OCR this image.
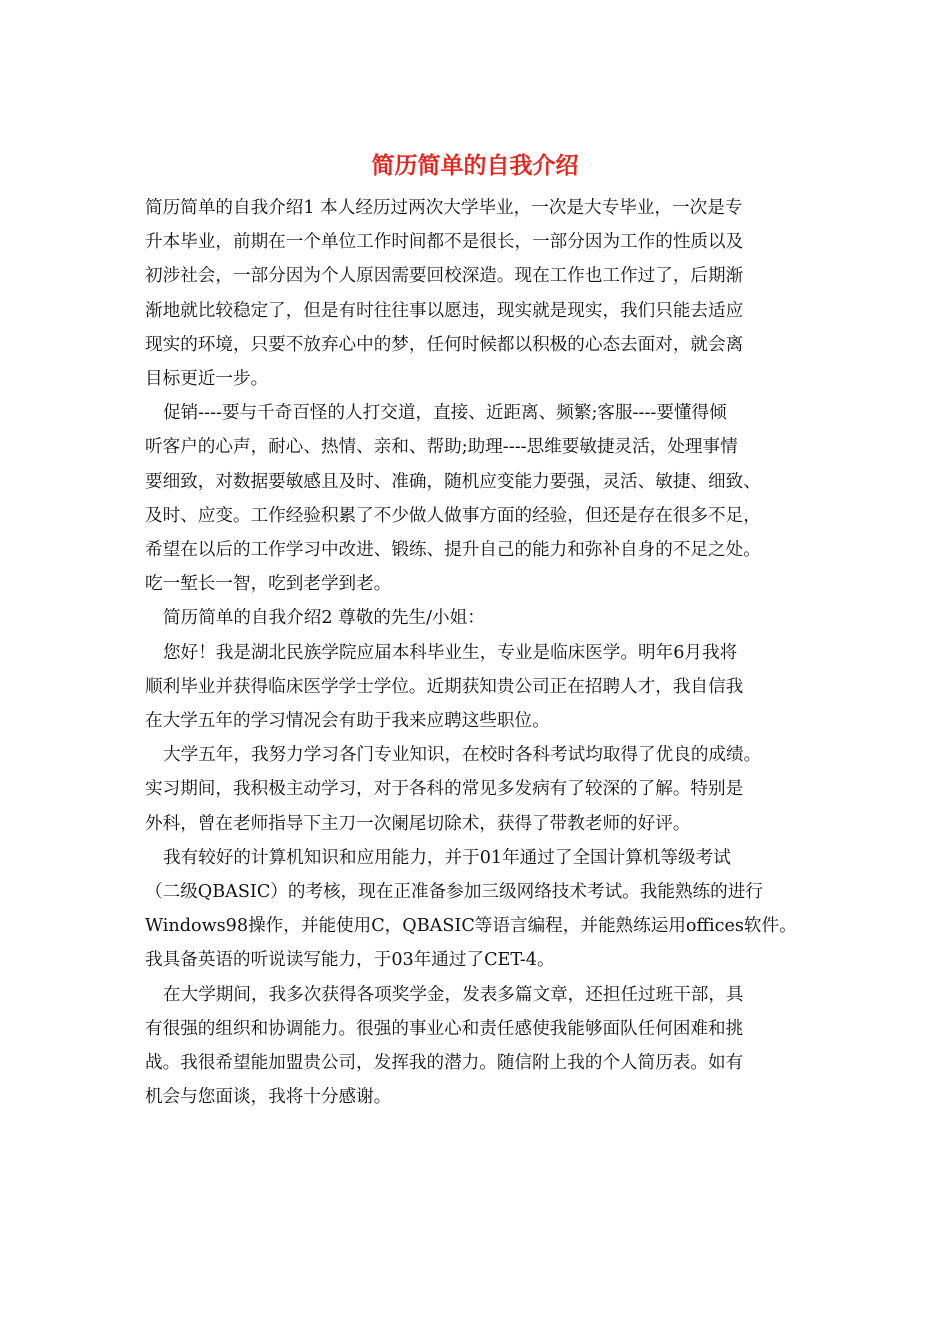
简历简单的自我介绍

简历简单的自我介绍1 本人经历过两次大学毕业，一次是大专毕业，一次是专

升本毕业，前期在一个单位工作时间都不是很长，一部分因为工作的性质以及

初涉社会，一部分因为个人原因需要回校深造。现在工作也工作过了，后期渐

渐地就比较稳定了，但是有时往往事以愿违，现实就是现实，我们只能去适应

现实的环境，只要不放弃心中的梦，任何时候都以积极的心态去面对，就会离

目标更近一步。

促销----要与千奇百怪的人打交道，直接、近距离、频繁;客服----要懂得倾

听客户的心声，耐心、热情、亲和、帮助;助理----思维要敏捷灵活，处理事情

要细致，对数据要敏感且及时、准确，随机应变能力要强，灵活、敏捷、细致、

及时、应变。工作经验积累了不少做人做事方面的经验，但还是存在很多不足，

希望在以后的工作学习中改进、锻练、提升自己的能力和弥补自身的不足之处。

吃一堑长一智，吃到老学到老。

简历简单的自我介绍2 尊敬的先生/小姐：

您好！我是湖北民族学院应届本科毕业生，专业是临床医学。明年6月我将

顺利毕业并获得临床医学学士学位。近期获知贵公司正在招聘人才，我自信我

在大学五年的学习情况会有助于我来应聘这些职位。

大学五年，我努力学习各门专业知识，在校时各科考试均取得了优良的成绩。

实习期间，我积极主动学习，对于各科的常见多发病有了较深的了解。特别是

外科，曾在老师指导下主刀一次阑尾切除术，获得了带教老师的好评。

我有较好的计算机知识和应用能力，并于01年通过了全国计算机等级考试

（二级QBASIC）的考核，现在正准备参加三级网络技术考试。我能熟练的进行

Windows98操作，并能使用C，QBASIC等语言编程，并能熟练运用offices软件。

我具备英语的听说读写能力，于03年通过了CET-4。

在大学期间，我多次获得各项奖学金，发表多篇文章，还担任过班干部，具

有很强的组织和协调能力。很强的事业心和责任感使我能够面队任何困难和挑

战。我很希望能加盟贵公司，发挥我的潜力。随信附上我的个人简历表。如有

机会与您面谈，我将十分感谢。
